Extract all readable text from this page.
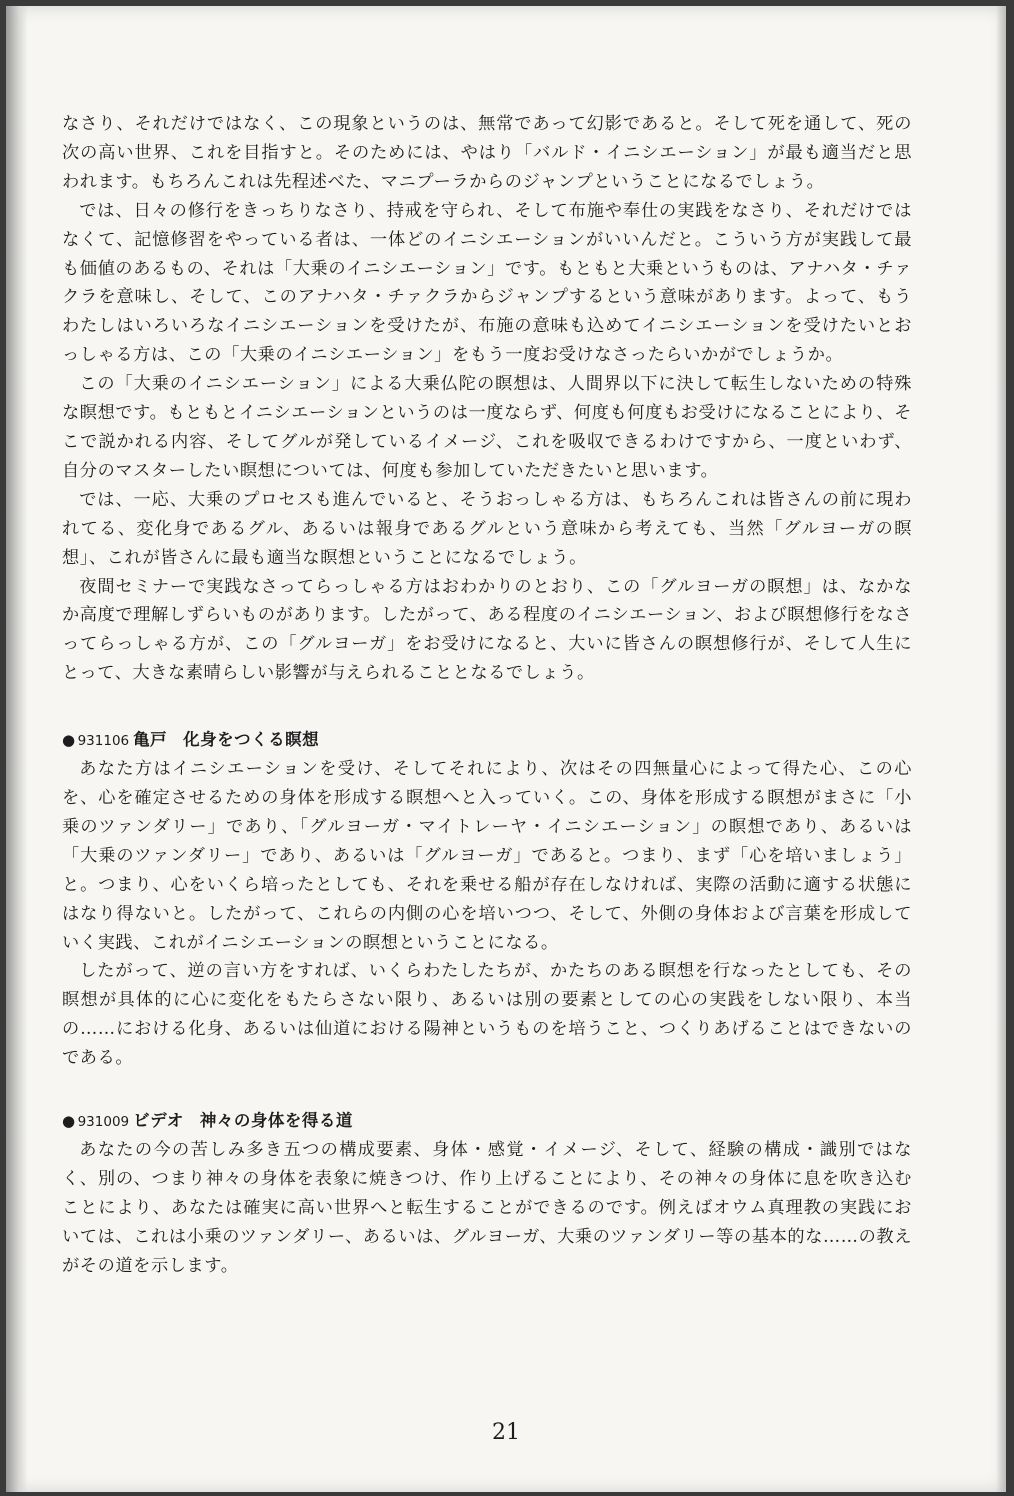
なさり、それだけではなく、この現象というのは、無常であって幻影であると。そして死を通して、死の次の高い世界、これを目指すと。そのためには、やはり「バルド・イニシエーション」が最も適当だと思われます。もちろんこれは先程述べた、マニプーラからのジャンプということになるでしょう。

では、日々の修行をきっちりなさり、持戒を守られ、そして布施や奉仕の実践をなさり、それだけではなくて、記憶修習をやっている者は、一体どのイニシエーションがいいんだと。こういう方が実践して最も価値のあるもの、それは「大乗のイニシエーション」です。もともと大乗というものは、アナハタ・チァクラを意味し、そして、このアナハタ・チァクラからジャンプするという意味があります。よって、もうわたしはいろいろなイニシエーションを受けたが、布施の意味も込めてイニシエーションを受けたいとおっしゃる方は、この「大乗のイニシエーション」をもう一度お受けなさったらいかがでしょうか。

この「大乗のイニシエーション」による大乗仏陀の瞑想は、人間界以下に決して転生しないための特殊な瞑想です。もともとイニシエーションというのは一度ならず、何度も何度もお受けになることにより、そこで説かれる内容、そしてグルが発しているイメージ、これを吸収できるわけですから、一度といわず、自分のマスターしたい瞑想については、何度も参加していただきたいと思います。

では、一応、大乗のプロセスも進んでいると、そうおっしゃる方は、もちろんこれは皆さんの前に現われてる、変化身であるグル、あるいは報身であるグルという意味から考えても、当然「グルヨーガの瞑想」、これが皆さんに最も適当な瞑想ということになるでしょう。

夜間セミナーで実践なさってらっしゃる方はおわかりのとおり、この「グルヨーガの瞑想」は、なかなか高度で理解しずらいものがあります。したがって、ある程度のイニシエーション、および瞑想修行をなさってらっしゃる方が、この「グルヨーガ」をお受けになると、大いに皆さんの瞑想修行が、そして人生にとって、大きな素晴らしい影響が与えられることとなるでしょう。

● 931106 亀戸 化身をつくる瞑想

あなた方はイニシエーションを受け、そしてそれにより、次はその四無量心によって得た心、この心を、心を確定させるための身体を形成する瞑想へと入っていく。この、身体を形成する瞑想がまさに「小乗のツァンダリー」であり、「グルヨーガ・マイトレーヤ・イニシエーション」の瞑想であり、あるいは「大乗のツァンダリー」であり、あるいは「グルヨーガ」であると。つまり、まず「心を培いましょう」と。つまり、心をいくら培ったとしても、それを乗せる船が存在しなければ、実際の活動に適する状態にはなり得ないと。したがって、これらの内側の心を培いつつ、そして、外側の身体および言葉を形成していく実践、これがイニシエーションの瞑想ということになる。

したがって、逆の言い方をすれば、いくらわたしたちが、かたちのある瞑想を行なったとしても、その瞑想が具体的に心に変化をもたらさない限り、あるいは別の要素としての心の実践をしない限り、本当の……における化身、あるいは仙道における陽神というものを培うこと、つくりあげることはできないのである。

● 931009 ビデオ 神々の身体を得る道

あなたの今の苦しみ多き五つの構成要素、身体・感覚・イメージ、そして、経験の構成・識別ではなく、別の、つまり神々の身体を表象に焼きつけ、作り上げることにより、その神々の身体に息を吹き込むことにより、あなたは確実に高い世界へと転生することができるのです。例えばオウム真理教の実践においては、これは小乗のツァンダリー、あるいは、グルヨーガ、大乗のツァンダリー等の基本的な……の教えがその道を示します。

21
